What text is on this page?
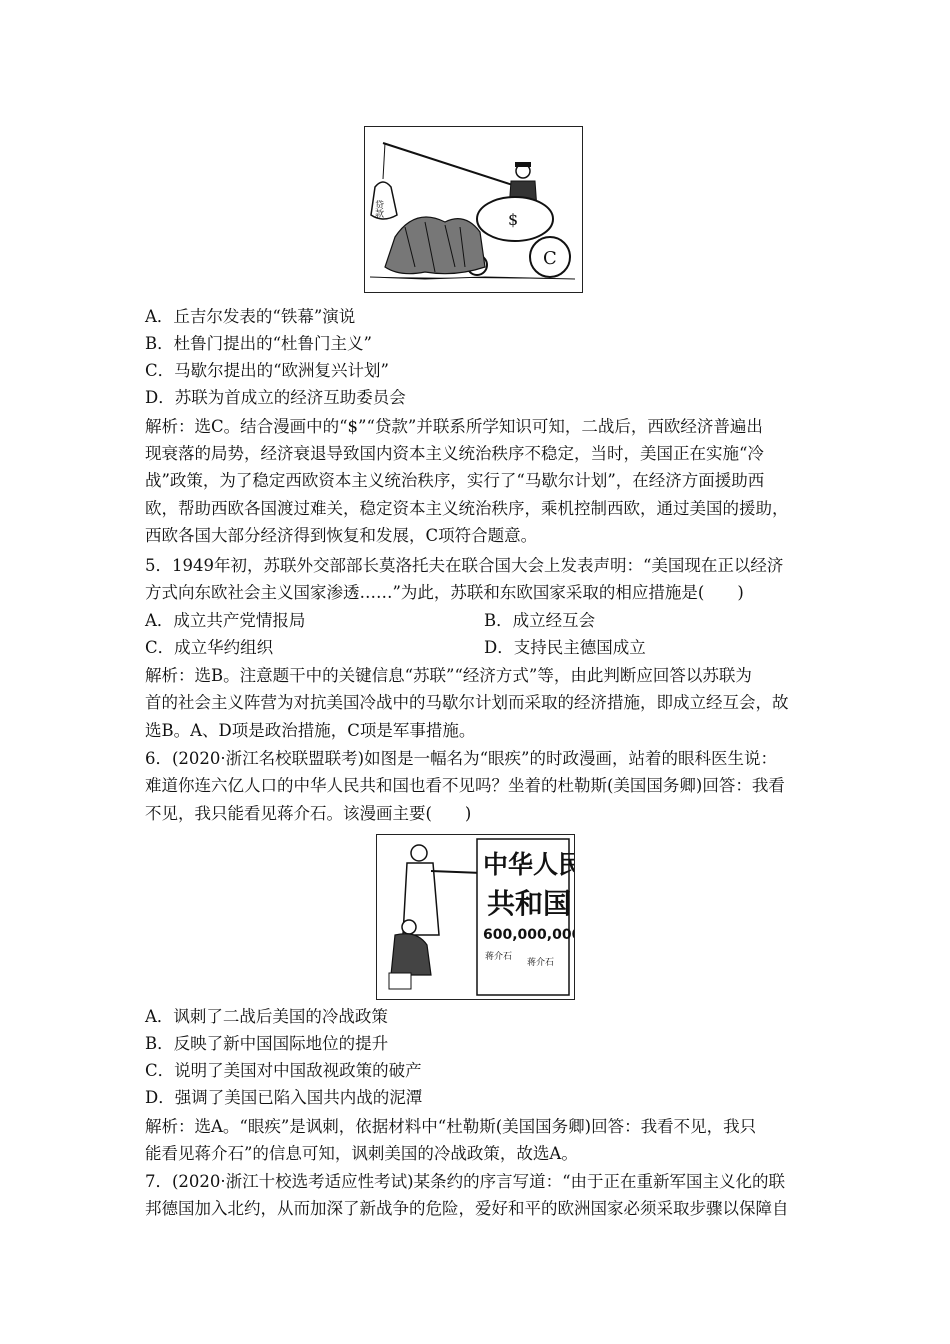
贷款
$
C
A．丘吉尔发表的“铁幕”演说
B．杜鲁门提出的“杜鲁门主义”
C．马歇尔提出的“欧洲复兴计划”
D．苏联为首成立的经济互助委员会
解析：选C。结合漫画中的“$”“贷款”并联系所学知识可知，二战后，西欧经济普遍出
现衰落的局势，经济衰退导致国内资本主义统治秩序不稳定，当时，美国正在实施“冷
战”政策，为了稳定西欧资本主义统治秩序，实行了“马歇尔计划”，在经济方面援助西
欧，帮助西欧各国渡过难关，稳定资本主义统治秩序，乘机控制西欧，通过美国的援助，
西欧各国大部分经济得到恢复和发展，C项符合题意。
5．1949年初，苏联外交部部长莫洛托夫在联合国大会上发表声明：“美国现在正以经济
方式向东欧社会主义国家渗透……”为此，苏联和东欧国家采取的相应措施是(　　)
A．成立共产党情报局	B．成立经互会
C．成立华约组织	D．支持民主德国成立
解析：选B。注意题干中的关键信息“苏联”“经济方式”等，由此判断应回答以苏联为
首的社会主义阵营为对抗美国冷战中的马歇尔计划而采取的经济措施，即成立经互会，故
选B。A、D项是政治措施，C项是军事措施。
6．(2020·浙江名校联盟联考)如图是一幅名为“眼疾”的时政漫画，站着的眼科医生说：
难道你连六亿人口的中华人民共和国也看不见吗？坐着的杜勒斯(美国国务卿)回答：我看
不见，我只能看见蒋介石。该漫画主要(　　)
中华人民
共和国
600,000,000
蒋介石
蒋介石
A．讽刺了二战后美国的冷战政策
B．反映了新中国国际地位的提升
C．说明了美国对中国敌视政策的破产
D．强调了美国已陷入国共内战的泥潭
解析：选A。“眼疾”是讽刺，依据材料中“杜勒斯(美国国务卿)回答：我看不见，我只
能看见蒋介石”的信息可知，讽刺美国的冷战政策，故选A。
7．(2020·浙江十校选考适应性考试)某条约的序言写道：“由于正在重新军国主义化的联
邦德国加入北约，从而加深了新战争的危险，爱好和平的欧洲国家必须采取步骤以保障自
